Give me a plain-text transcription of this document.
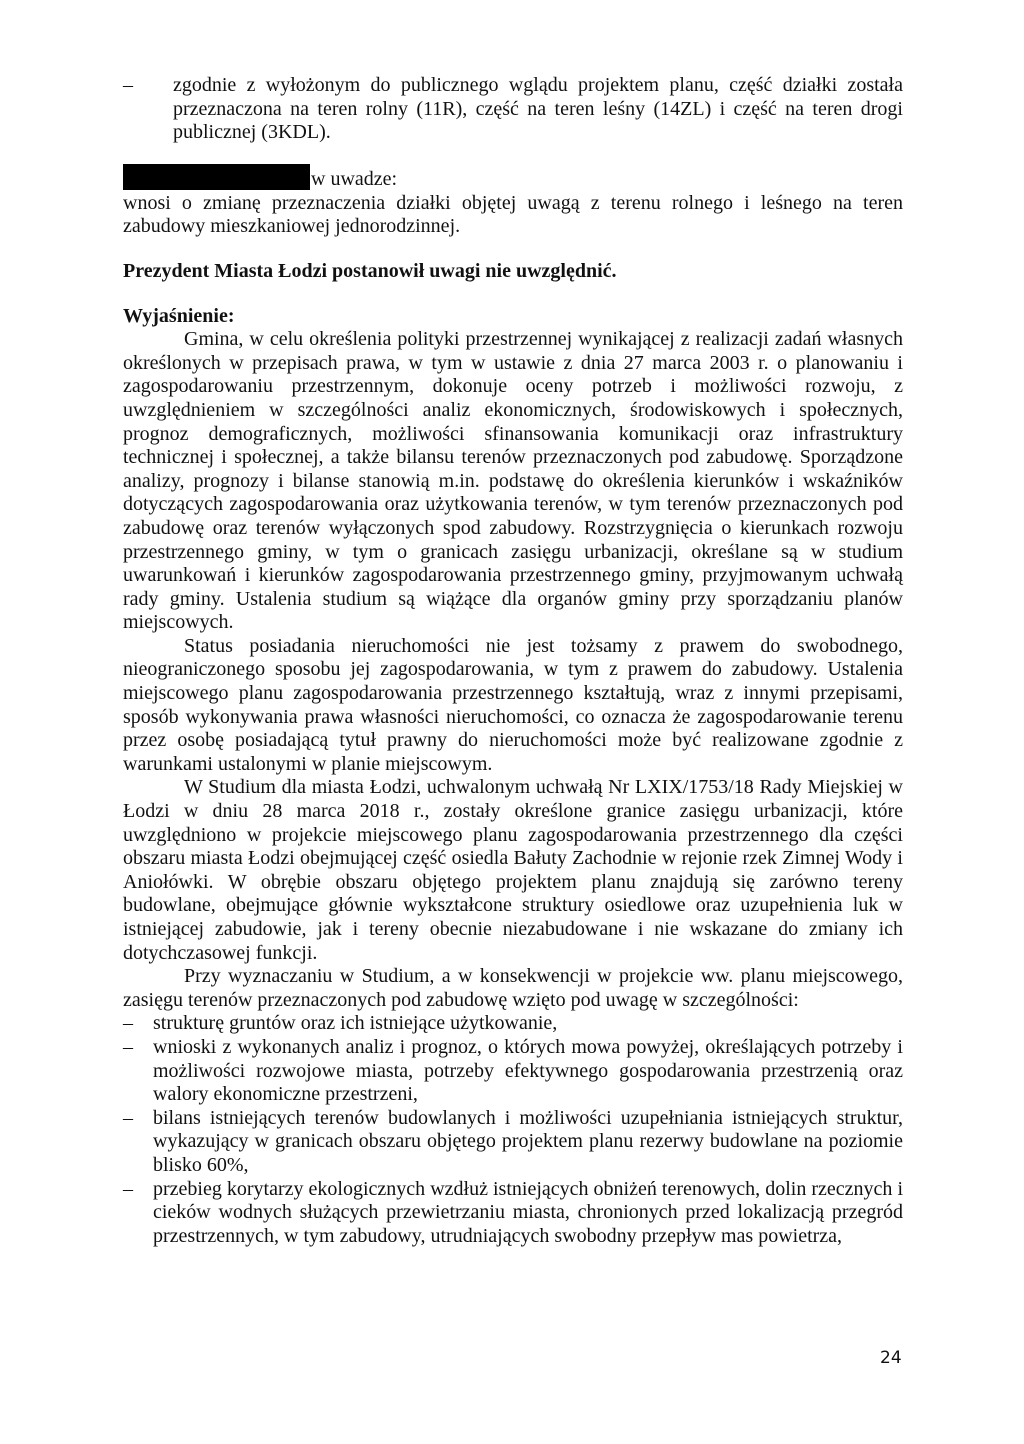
– zgodnie z wyłożonym do publicznego wglądu projektem planu, część działki została przeznaczona na teren rolny (11R), część na teren leśny (14ZL) i część na teren drogi publicznej (3KDL).
w uwadze:

wnosi o zmianę przeznaczenia działki objętej uwagą z terenu rolnego i leśnego na teren zabudowy mieszkaniowej jednorodzinnej.

Prezydent Miasta Łodzi postanowił uwagi nie uwzględnić.

Wyjaśnienie:

Gmina, w celu określenia polityki przestrzennej wynikającej z realizacji zadań własnych określonych w przepisach prawa, w tym w ustawie z dnia 27 marca 2003 r. o planowaniu i zagospodarowaniu przestrzennym, dokonuje oceny potrzeb i możliwości rozwoju, z uwzględnieniem w szczególności analiz ekonomicznych, środowiskowych i społecznych, prognoz demograficznych, możliwości sfinansowania komunikacji oraz infrastruktury technicznej i społecznej, a także bilansu terenów przeznaczonych pod zabudowę. Sporządzone analizy, prognozy i bilanse stanowią m.in. podstawę do określenia kierunków i wskaźników dotyczących zagospodarowania oraz użytkowania terenów, w tym terenów przeznaczonych pod zabudowę oraz terenów wyłączonych spod zabudowy. Rozstrzygnięcia o kierunkach rozwoju przestrzennego gminy, w tym o granicach zasięgu urbanizacji, określane są w studium uwarunkowań i kierunków zagospodarowania przestrzennego gminy, przyjmowanym uchwałą rady gminy. Ustalenia studium są wiążące dla organów gminy przy sporządzaniu planów miejscowych.

Status posiadania nieruchomości nie jest tożsamy z prawem do swobodnego, nieograniczonego sposobu jej zagospodarowania, w tym z prawem do zabudowy. Ustalenia miejscowego planu zagospodarowania przestrzennego kształtują, wraz z innymi przepisami, sposób wykonywania prawa własności nieruchomości, co oznacza że zagospodarowanie terenu przez osobę posiadającą tytuł prawny do nieruchomości może być realizowane zgodnie z warunkami ustalonymi w planie miejscowym.

W Studium dla miasta Łodzi, uchwalonym uchwałą Nr LXIX/1753/18 Rady Miejskiej w Łodzi w dniu 28 marca 2018 r., zostały określone granice zasięgu urbanizacji, które uwzględniono w projekcie miejscowego planu zagospodarowania przestrzennego dla części obszaru miasta Łodzi obejmującej część osiedla Bałuty Zachodnie w rejonie rzek Zimnej Wody i Aniołówki. W obrębie obszaru objętego projektem planu znajdują się zarówno tereny budowlane, obejmujące głównie wykształcone struktury osiedlowe oraz uzupełnienia luk w istniejącej zabudowie, jak i tereny obecnie niezabudowane i nie wskazane do zmiany ich dotychczasowej funkcji.

Przy wyznaczaniu w Studium, a w konsekwencji w projekcie ww. planu miejscowego, zasięgu terenów przeznaczonych pod zabudowę wzięto pod uwagę w szczególności:

– strukturę gruntów oraz ich istniejące użytkowanie,
– wnioski z wykonanych analiz i prognoz, o których mowa powyżej, określających potrzeby i możliwości rozwojowe miasta, potrzeby efektywnego gospodarowania przestrzenią oraz walory ekonomiczne przestrzeni,
– bilans istniejących terenów budowlanych i możliwości uzupełniania istniejących struktur, wykazujący w granicach obszaru objętego projektem planu rezerwy budowlane na poziomie blisko 60%,
– przebieg korytarzy ekologicznych wzdłuż istniejących obniżeń terenowych, dolin rzecznych i cieków wodnych służących przewietrzaniu miasta, chronionych przed lokalizacją przegród przestrzennych, w tym zabudowy, utrudniających swobodny przepływ mas powietrza,
24
